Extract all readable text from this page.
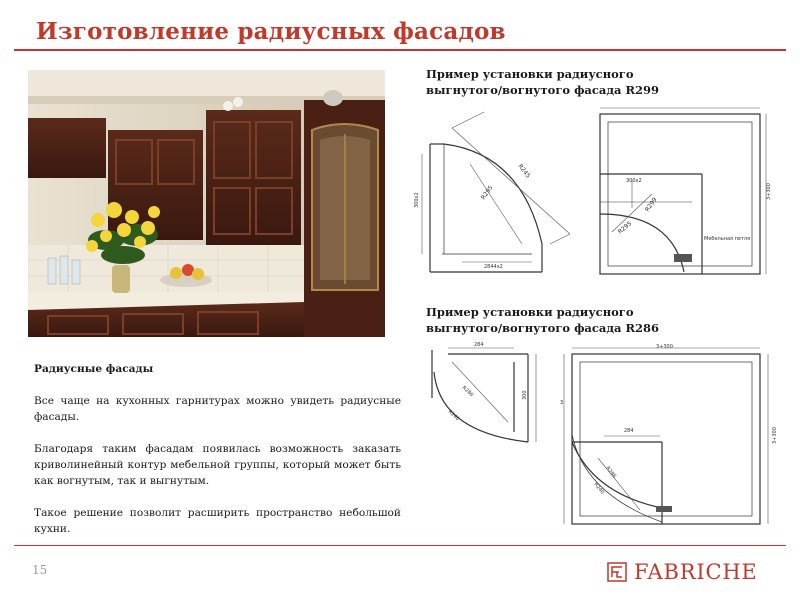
Изготовление радиусных фасадов
Пример установки радиусного
выгнутого/вогнутого фасада R299
Пример установки радиусного
выгнутого/вогнутого фасада R286
R245
R295
300x2
2844x2
300x2
R299
R295
3+300
Мебельная петля
284
R286
R240
300
284
R286
R240
3+300
3+300
3

Радиусные фасады

Все чаще на кухонных гарнитурах можно увидеть радиусные фасады.

Благодаря таким фасадам появилась возможность заказать криволинейный контур мебельной группы, который может быть как вогнутым, так и выгнутым.

Такое решение позволит расширить пространство небольшой кухни.

15	FABRICHE
